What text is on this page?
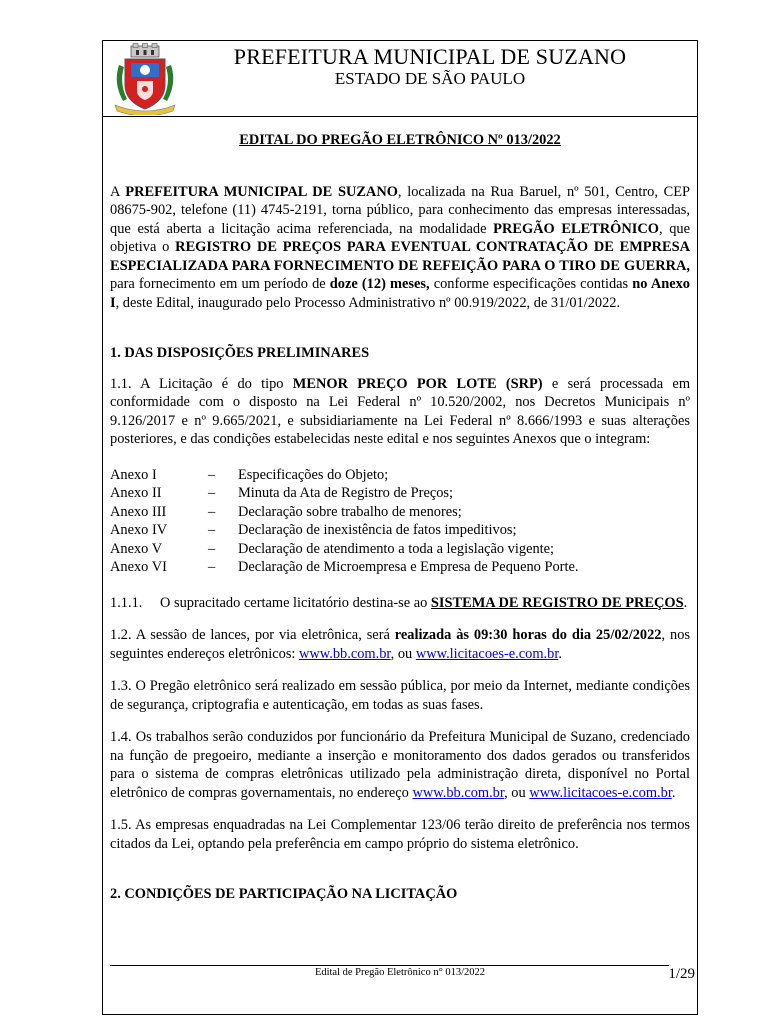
PREFEITURA MUNICIPAL DE SUZANO
ESTADO DE SÃO PAULO

EDITAL DO PREGÃO ELETRÔNICO Nº 013/2022

A PREFEITURA MUNICIPAL DE SUZANO, localizada na Rua Baruel, nº 501, Centro, CEP 08675-902, telefone (11) 4745-2191, torna público, para conhecimento das empresas interessadas, que está aberta a licitação acima referenciada, na modalidade PREGÃO ELETRÔNICO, que objetiva o REGISTRO DE PREÇOS PARA EVENTUAL CONTRATAÇÃO DE EMPRESA ESPECIALIZADA PARA FORNECIMENTO DE REFEIÇÃO PARA O TIRO DE GUERRA, para fornecimento em um período de doze (12) meses, conforme especificações contidas no Anexo I, deste Edital, inaugurado pelo Processo Administrativo nº 00.919/2022, de 31/01/2022.

1. DAS DISPOSIÇÕES PRELIMINARES

1.1. A Licitação é do tipo MENOR PREÇO POR LOTE (SRP) e será processada em conformidade com o disposto na Lei Federal nº 10.520/2002, nos Decretos Municipais nº 9.126/2017 e nº 9.665/2021, e subsidiariamente na Lei Federal nº 8.666/1993 e suas alterações posteriores, e das condições estabelecidas neste edital e nos seguintes Anexos que o integram:

Anexo I	–	Especificações do Objeto;
Anexo II	–	Minuta da Ata de Registro de Preços;
Anexo III	–	Declaração sobre trabalho de menores;
Anexo IV	–	Declaração de inexistência de fatos impeditivos;
Anexo V	–	Declaração de atendimento a toda a legislação vigente;
Anexo VI	–	Declaração de Microempresa e Empresa de Pequeno Porte.
1.1.1.	O supracitado certame licitatório destina-se ao SISTEMA DE REGISTRO DE PREÇOS.

1.2. A sessão de lances, por via eletrônica, será realizada às 09:30 horas do dia 25/02/2022, nos seguintes endereços eletrônicos: www.bb.com.br, ou www.licitacoes-e.com.br.

1.3. O Pregão eletrônico será realizado em sessão pública, por meio da Internet, mediante condições de segurança, criptografia e autenticação, em todas as suas fases.

1.4. Os trabalhos serão conduzidos por funcionário da Prefeitura Municipal de Suzano, credenciado na função de pregoeiro, mediante a inserção e monitoramento dos dados gerados ou transferidos para o sistema de compras eletrônicas utilizado pela administração direta, disponível no Portal eletrônico de compras governamentais, no endereço www.bb.com.br, ou www.licitacoes-e.com.br.

1.5. As empresas enquadradas na Lei Complementar 123/06 terão direito de preferência nos termos citados da Lei, optando pela preferência em campo próprio do sistema eletrônico.

2. CONDIÇÕES DE PARTICIPAÇÃO NA LICITAÇÃO

Edital de Pregão Eletrônico n° 013/2022	1/29
